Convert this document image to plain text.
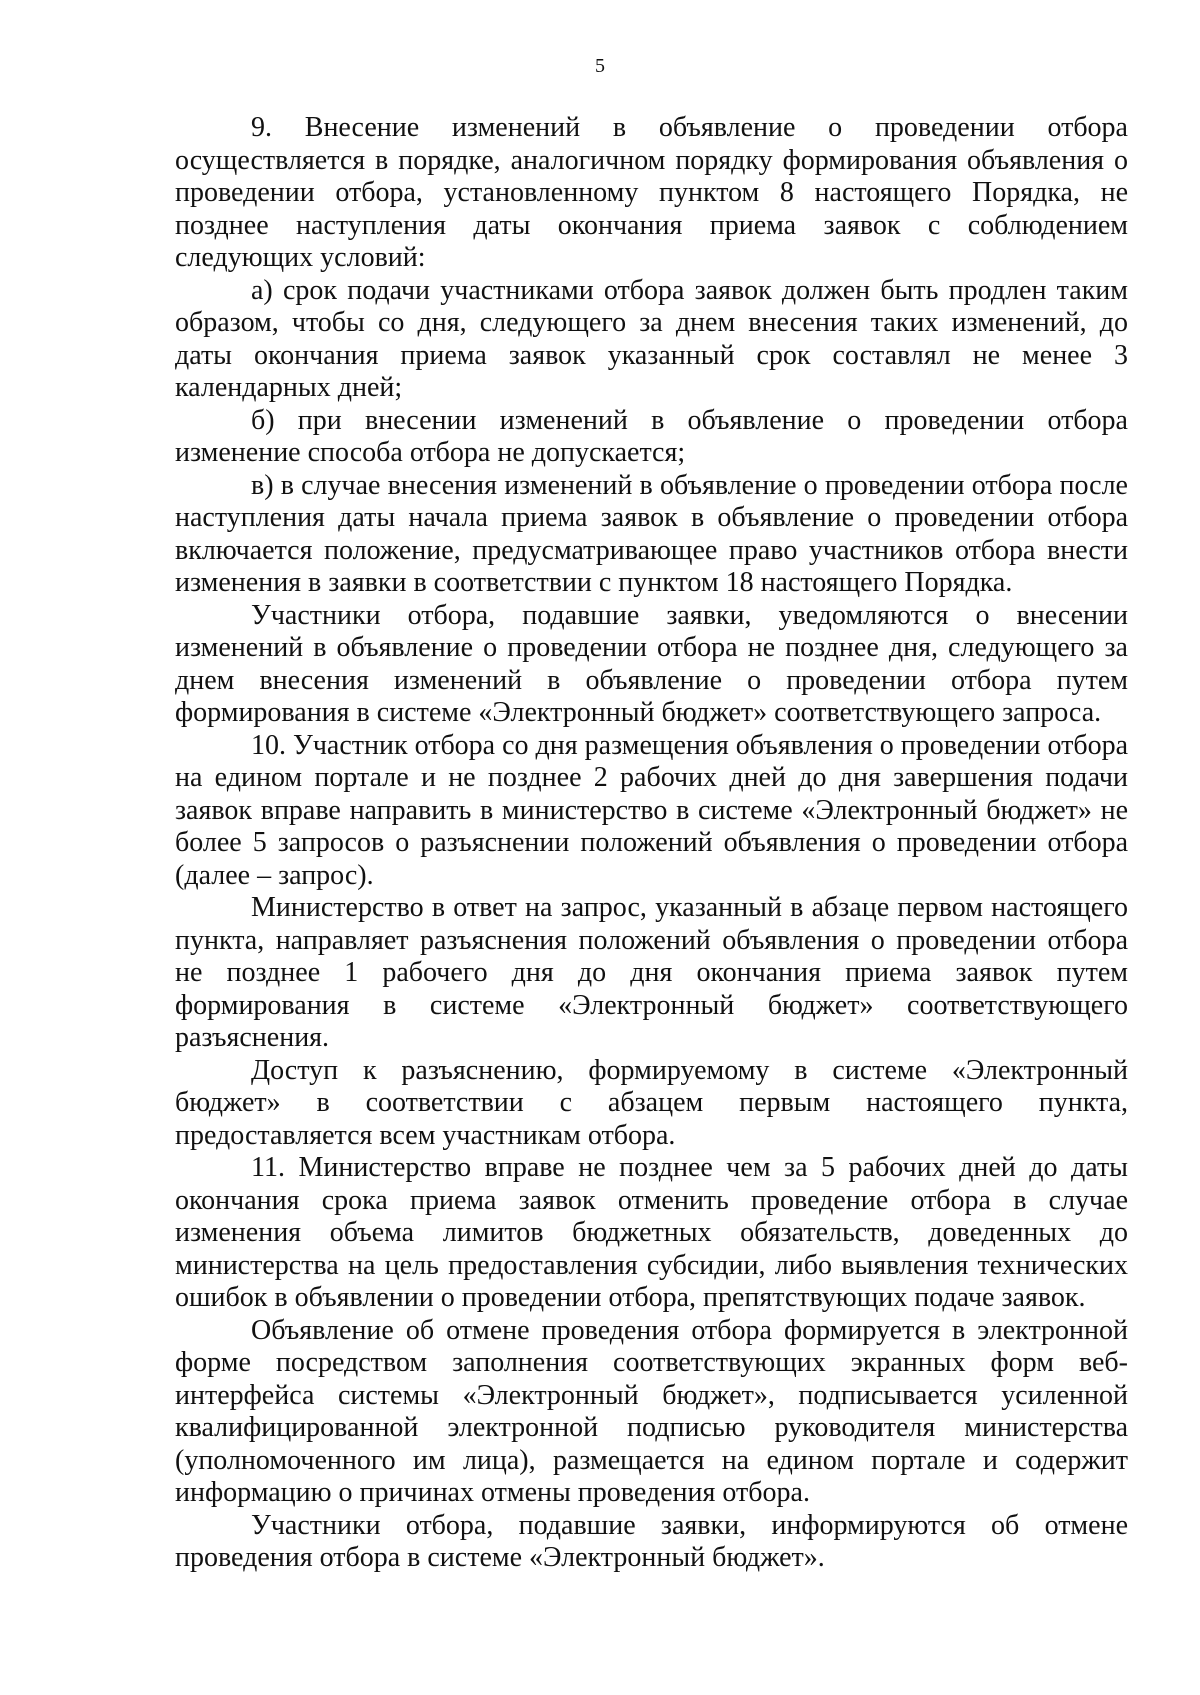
5

9. Внесение изменений в объявление о проведении отбора осуществляется в порядке, аналогичном порядку формирования объявления о проведении отбора, установленному пунктом 8 настоящего Порядка, не позднее наступления даты окончания приема заявок с соблюдением следующих условий:

а) срок подачи участниками отбора заявок должен быть продлен таким образом, чтобы со дня, следующего за днем внесения таких изменений, до даты окончания приема заявок указанный срок составлял не менее 3 календарных дней;

б) при внесении изменений в объявление о проведении отбора изменение способа отбора не допускается;

в) в случае внесения изменений в объявление о проведении отбора после наступления даты начала приема заявок в объявление о проведении отбора включается положение, предусматривающее право участников отбора внести изменения в заявки в соответствии с пунктом 18 настоящего Порядка.

Участники отбора, подавшие заявки, уведомляются о внесении изменений в объявление о проведении отбора не позднее дня, следующего за днем внесения изменений в объявление о проведении отбора путем формирования в системе «Электронный бюджет» соответствующего запроса.

10. Участник отбора со дня размещения объявления о проведении отбора на едином портале и не позднее 2 рабочих дней до дня завершения подачи заявок вправе направить в министерство в системе «Электронный бюджет» не более 5 запросов о разъяснении положений объявления о проведении отбора (далее – запрос).

Министерство в ответ на запрос, указанный в абзаце первом настоящего пункта, направляет разъяснения положений объявления о проведении отбора не позднее 1 рабочего дня до дня окончания приема заявок путем формирования в системе «Электронный бюджет» соответствующего разъяснения.

Доступ к разъяснению, формируемому в системе «Электронный бюджет» в соответствии с абзацем первым настоящего пункта, предоставляется всем участникам отбора.

11. Министерство вправе не позднее чем за 5 рабочих дней до даты окончания срока приема заявок отменить проведение отбора в случае изменения объема лимитов бюджетных обязательств, доведенных до министерства на цель предоставления субсидии, либо выявления технических ошибок в объявлении о проведении отбора, препятствующих подаче заявок.

Объявление об отмене проведения отбора формируется в электронной форме посредством заполнения соответствующих экранных форм веб-интерфейса системы «Электронный бюджет», подписывается усиленной квалифицированной электронной подписью руководителя министерства (уполномоченного им лица), размещается на едином портале и содержит информацию о причинах отмены проведения отбора.

Участники отбора, подавшие заявки, информируются об отмене проведения отбора в системе «Электронный бюджет».
